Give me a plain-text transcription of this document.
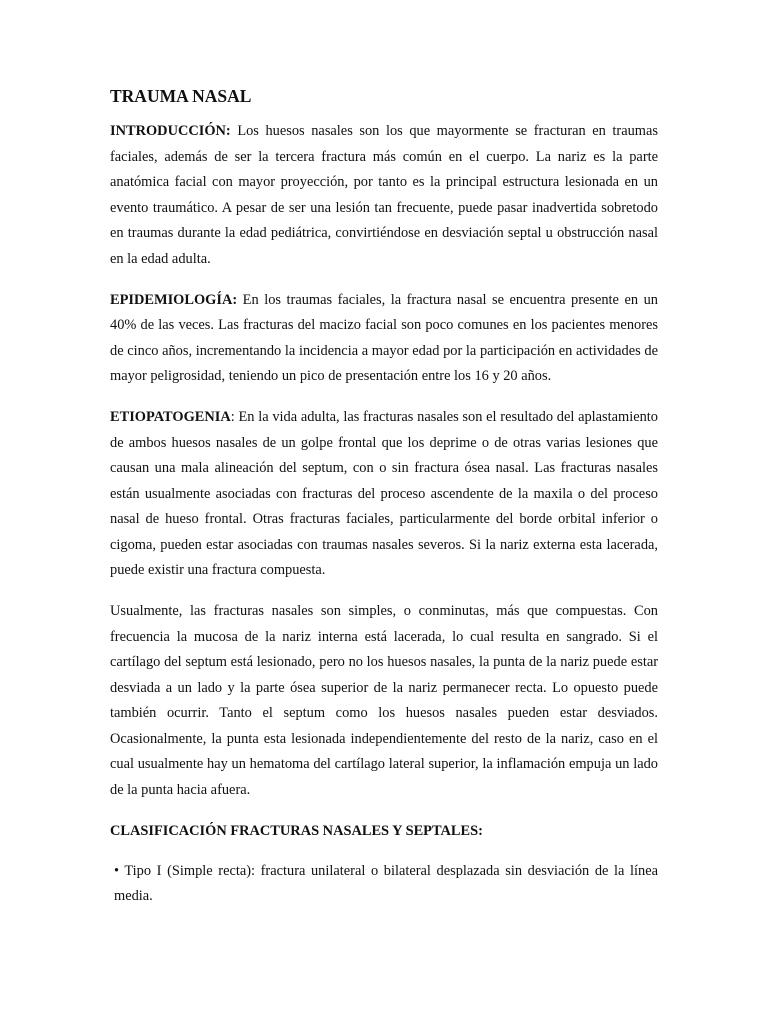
TRAUMA NASAL

INTRODUCCIÓN: Los huesos nasales son los que mayormente se fracturan en traumas faciales, además de ser la tercera fractura más común en el cuerpo. La nariz es la parte anatómica facial con mayor proyección, por tanto es la principal estructura lesionada en un evento traumático. A pesar de ser una lesión tan frecuente, puede pasar inadvertida sobretodo en traumas durante la edad pediátrica, convirtiéndose en desviación septal u obstrucción nasal en la edad adulta.

EPIDEMIOLOGÍA: En los traumas faciales, la fractura nasal se encuentra presente en un 40% de las veces. Las fracturas del macizo facial son poco comunes en los pacientes menores de cinco años, incrementando la incidencia a mayor edad por la participación en actividades de mayor peligrosidad, teniendo un pico de presentación entre los 16 y 20 años.

ETIOPATOGENIA: En la vida adulta, las fracturas nasales son el resultado del aplastamiento de ambos huesos nasales de un golpe frontal que los deprime o de otras varias lesiones que causan una mala alineación del septum, con o sin fractura ósea nasal. Las fracturas nasales están usualmente asociadas con fracturas del proceso ascendente de la maxila o del proceso nasal de hueso frontal. Otras fracturas faciales, particularmente del borde orbital inferior o cigoma, pueden estar asociadas con traumas nasales severos. Si la nariz externa esta lacerada, puede existir una fractura compuesta.

Usualmente, las fracturas nasales son simples, o conminutas, más que compuestas. Con frecuencia la mucosa de la nariz interna está lacerada, lo cual resulta en sangrado. Si el cartílago del septum está lesionado, pero no los huesos nasales, la punta de la nariz puede estar desviada a un lado y la parte ósea superior de la nariz permanecer recta. Lo opuesto puede también ocurrir. Tanto el septum como los huesos nasales pueden estar desviados. Ocasionalmente, la punta esta lesionada independientemente del resto de la nariz, caso en el cual usualmente hay un hematoma del cartílago lateral superior, la inflamación empuja un lado de la punta hacia afuera.

CLASIFICACIÓN FRACTURAS NASALES Y SEPTALES:

• Tipo I (Simple recta): fractura unilateral o bilateral desplazada sin desviación de la línea media.
